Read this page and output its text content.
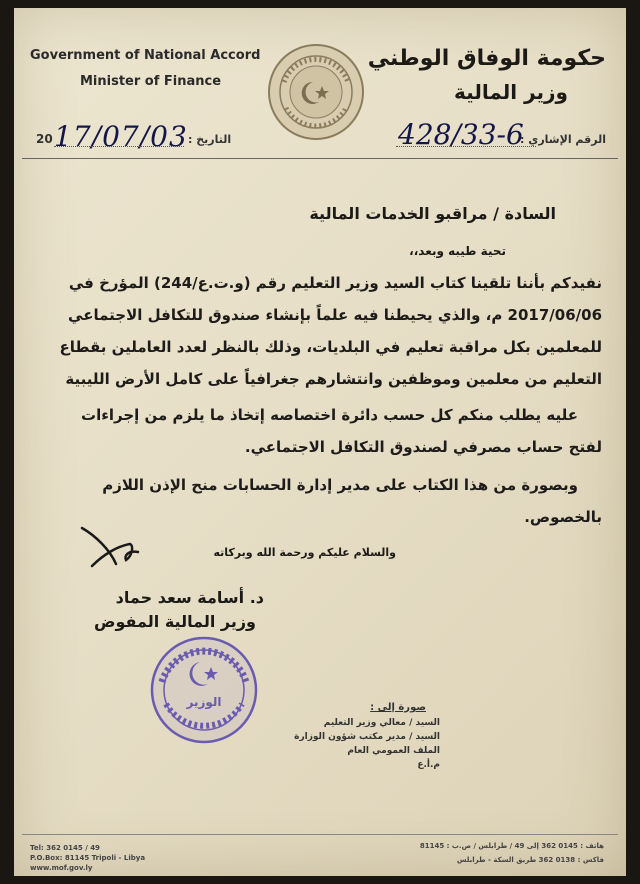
Government of National Accord
Minister of Finance
حكومة الوفاق الوطني
وزير المالية
20 17/07/03 التاريخ :	الرقم الإشاري :
428/33-6
السادة / مراقبو الخدمات المالية
تحية طيبه وبعد،،
نفيدكم بأننا تلقينا كتاب السيد وزير التعليم رقم (و.ت.ع/244) المؤرخ في
2017/06/06 م، والذي يحيطنا فيه علماً بإنشاء صندوق للتكافل الاجتماعي
للمعلمين بكل مراقبة تعليم في البلديات، وذلك بالنظر لعدد العاملين بقطاع
التعليم من معلمين وموظفين وانتشارهم جغرافياً على كامل الأرض الليبية
عليه يطلب منكم كل حسب دائرة اختصاصه إتخاذ ما يلزم من إجراءات
لفتح حساب مصرفي لصندوق التكافل الاجتماعي.
وبصورة من هذا الكتاب على مدير إدارة الحسابات منح الإذن اللازم
بالخصوص.
والسلام عليكم ورحمة الله وبركاته
د. أسامة سعد حماد
وزير المالية المفوض
الوزير	صورة إلى :
السيد / معالي وزير التعليم
السيد / مدير مكتب شؤون الوزارة
الملف العمومي العام
م.أ.ع
Tel: 362 0145 / 49
P.O.Box: 81145 Tripoli - Libya
www.mof.gov.ly
هاتف : 0145 362 إلى 49 / طرابلس / ص.ب : 81145
فاكس : 0138 362 طريق السكة - طرابلس
